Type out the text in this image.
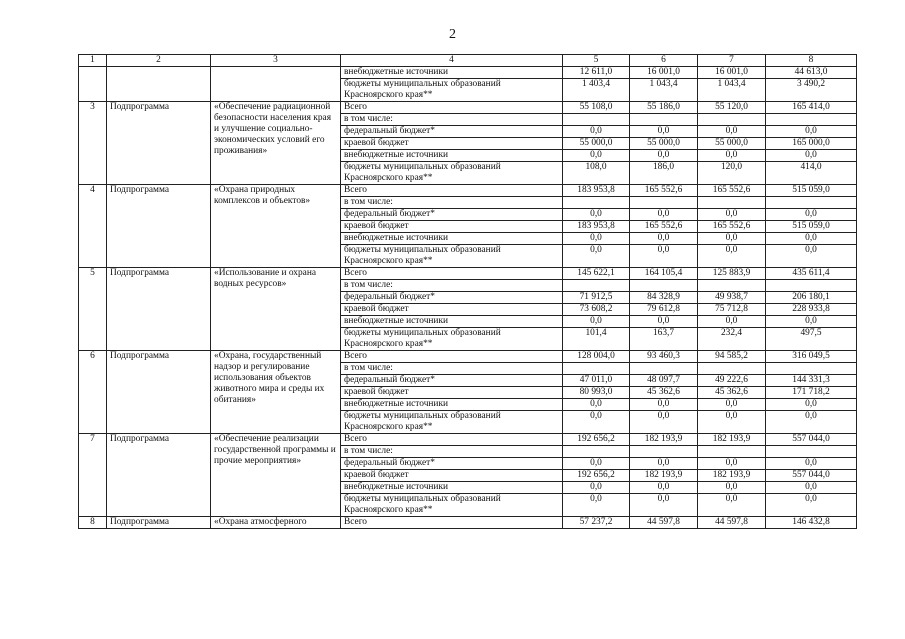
2
1	2	3	4	5	6	7	8
			внебюджетные источники	12 611,0	16 001,0	16 001,0	44 613,0
			бюджеты муниципальных образований Красноярского края**	1 403,4	1 043,4	1 043,4	3 490,2
3	Подпрограмма	«Обеспечение радиационной безопасности населения края и улучшение социально-экономических условий его проживания»	Всего	55 108,0	55 186,0	55 120,0	165 414,0
			в том числе:				
			федеральный бюджет*	0,0	0,0	0,0	0,0
			краевой бюджет	55 000,0	55 000,0	55 000,0	165 000,0
			внебюджетные источники	0,0	0,0	0,0	0,0
			бюджеты муниципальных образований Красноярского края**	108,0	186,0	120,0	414,0
4	Подпрограмма	«Охрана природных комплексов и объектов»	Всего	183 953,8	165 552,6	165 552,6	515 059,0
			в том числе:				
			федеральный бюджет*	0,0	0,0	0,0	0,0
			краевой бюджет	183 953,8	165 552,6	165 552,6	515 059,0
			внебюджетные источники	0,0	0,0	0,0	0,0
			бюджеты муниципальных образований Красноярского края**	0,0	0,0	0,0	0,0
5	Подпрограмма	«Использование и охрана водных ресурсов»	Всего	145 622,1	164 105,4	125 883,9	435 611,4
			в том числе:				
			федеральный бюджет*	71 912,5	84 328,9	49 938,7	206 180,1
			краевой бюджет	73 608,2	79 612,8	75 712,8	228 933,8
			внебюджетные источники	0,0	0,0	0,0	0,0
			бюджеты муниципальных образований Красноярского края**	101,4	163,7	232,4	497,5
6	Подпрограмма	«Охрана, государственный надзор и регулирование использования объектов животного мира и среды их обитания»	Всего	128 004,0	93 460,3	94 585,2	316 049,5
			в том числе:				
			федеральный бюджет*	47 011,0	48 097,7	49 222,6	144 331,3
			краевой бюджет	80 993,0	45 362,6	45 362,6	171 718,2
			внебюджетные источники	0,0	0,0	0,0	0,0
			бюджеты муниципальных образований Красноярского края**	0,0	0,0	0,0	0,0
7	Подпрограмма	«Обеспечение реализации государственной программы и прочие мероприятия»	Всего	192 656,2	182 193,9	182 193,9	557 044,0
			в том числе:				
			федеральный бюджет*	0,0	0,0	0,0	0,0
			краевой бюджет	192 656,2	182 193,9	182 193,9	557 044,0
			внебюджетные источники	0,0	0,0	0,0	0,0
			бюджеты муниципальных образований Красноярского края**	0,0	0,0	0,0	0,0
8	Подпрограмма	«Охрана атмосферного	Всего	57 237,2	44 597,8	44 597,8	146 432,8
